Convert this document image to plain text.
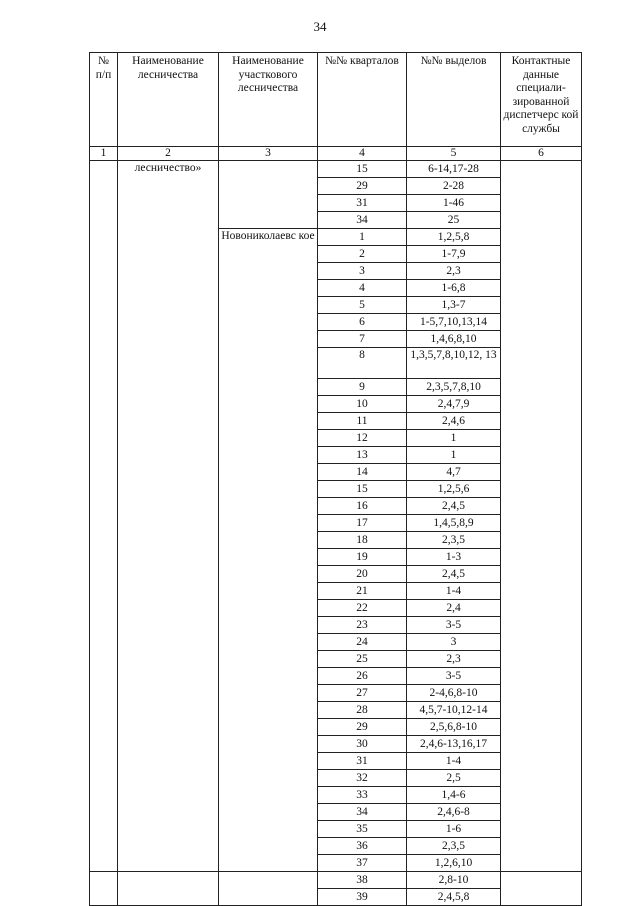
34
№ п/п	Наименование лесничества	Наименование участкового лесничества	№№ кварталов	№№ выделов	Контактные данные специали-зированной диспетчерс кой службы
1	2	3	4	5	6

	лесничество»		15	6-14,17-28	
			29	2-28	
			31	1-46	
			34	25	

		Новониколаевс кое	1	1,2,5,8	
			2	1-7,9	
			3	2,3	
			4	1-6,8	
			5	1,3-7	
			6	1-5,7,10,13,14	
			7	1,4,6,8,10	
			8	1,3,5,7,8,10,12, 13	
			9	2,3,5,7,8,10	
			10	2,4,7,9	
			11	2,4,6	
			12	1	
			13	1	
			14	4,7	
			15	1,2,5,6	
			16	2,4,5	
			17	1,4,5,8,9	
			18	2,3,5	
			19	1-3	
			20	2,4,5	
			21	1-4	
			22	2,4	
			23	3-5	
			24	3	
			25	2,3	
			26	3-5	
			27	2-4,6,8-10	
			28	4,5,7-10,12-14	
			29	2,5,6,8-10	
			30	2,4,6-13,16,17	
			31	1-4	
			32	2,5	
			33	1,4-6	
			34	2,4,6-8	
			35	1-6	
			36	2,3,5	
			37	1,2,6,10	
			38	2,8-10	
			39	2,4,5,8	
